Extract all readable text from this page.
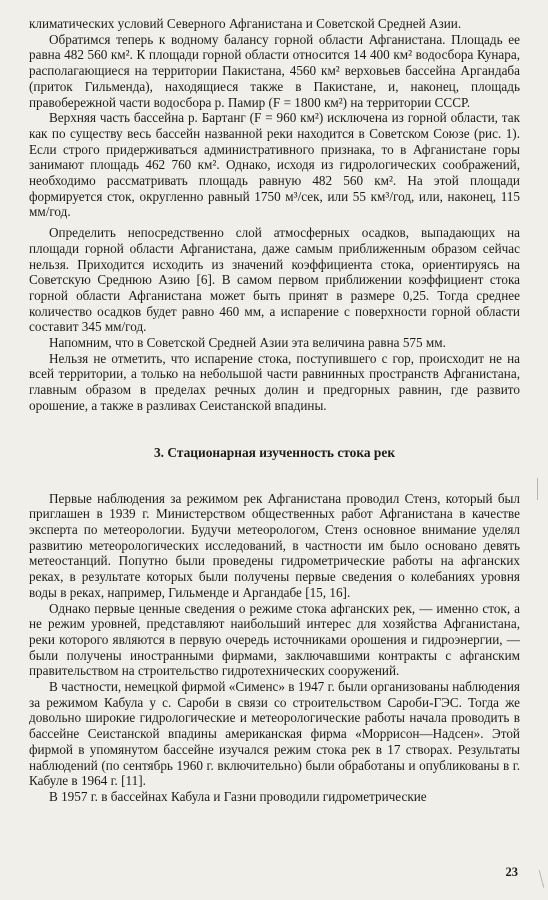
климатических условий Северного Афганистана и Советской Средней Азии.

Обратимся теперь к водному балансу горной области Афганистана. Площадь ее равна 482 560 км². К площади горной области относится 14 400 км² водосбора Кунара, располагающиеся на территории Пакистана, 4560 км² верховьев бассейна Аргандаба (приток Гильменда), находящиеся также в Пакистане, и, наконец, площадь правобережной части водосбора р. Памир (F = 1800 км²) на территории СССР.

Верхняя часть бассейна р. Бартанг (F = 960 км²) исключена из горной области, так как по существу весь бассейн названной реки находится в Советском Союзе (рис. 1). Если строго придерживаться административного признака, то в Афганистане горы занимают площадь 462 760 км². Однако, исходя из гидрологических соображений, необходимо рассматривать площадь равную 482 560 км². На этой площади формируется сток, округленно равный 1750 м³/сек, или 55 км³/год, или, наконец, 115 мм/год.

Определить непосредственно слой атмосферных осадков, выпадающих на площади горной области Афганистана, даже самым приближенным образом сейчас нельзя. Приходится исходить из значений коэффициента стока, ориентируясь на Советскую Среднюю Азию [6]. В самом первом приближении коэффициент стока горной области Афганистана может быть принят в размере 0,25. Тогда среднее количество осадков будет равно 460 мм, а испарение с поверхности горной области составит 345 мм/год.

Напомним, что в Советской Средней Азии эта величина равна 575 мм.

Нельзя не отметить, что испарение стока, поступившего с гор, происходит не на всей территории, а только на небольшой части равнинных пространств Афганистана, главным образом в пределах речных долин и предгорных равнин, где развито орошение, а также в разливах Сеистанской впадины.

3. Стационарная изученность стока рек

Первые наблюдения за режимом рек Афганистана проводил Стенз, который был приглашен в 1939 г. Министерством общественных работ Афганистана в качестве эксперта по метеорологии. Будучи метеорологом, Стенз основное внимание уделял развитию метеорологических исследований, в частности им было основано девять метеостанций. Попутно были проведены гидрометрические работы на афганских реках, в результате которых были получены первые сведения о колебаниях уровня воды в реках, например, Гильменде и Аргандабе [15, 16].

Однако первые ценные сведения о режиме стока афганских рек, — именно сток, а не режим уровней, представляют наибольший интерес для хозяйства Афганистана, реки которого являются в первую очередь источниками орошения и гидроэнергии, — были получены иностранными фирмами, заключавшими контракты с афганским правительством на строительство гидротехнических сооружений.

В частности, немецкой фирмой «Сименс» в 1947 г. были организованы наблюдения за режимом Кабула у с. Сароби в связи со строительством Сароби-ГЭС. Тогда же довольно широкие гидрологические и метеорологические работы начала проводить в бассейне Сеистанской впадины американская фирма «Моррисон—Надсен». Этой фирмой в упомянутом бассейне изучался режим стока рек в 17 створах. Результаты наблюдений (по сентябрь 1960 г. включительно) были обработаны и опубликованы в г. Кабуле в 1964 г. [11].

В 1957 г. в бассейнах Кабула и Газни проводили гидрометрические

23
